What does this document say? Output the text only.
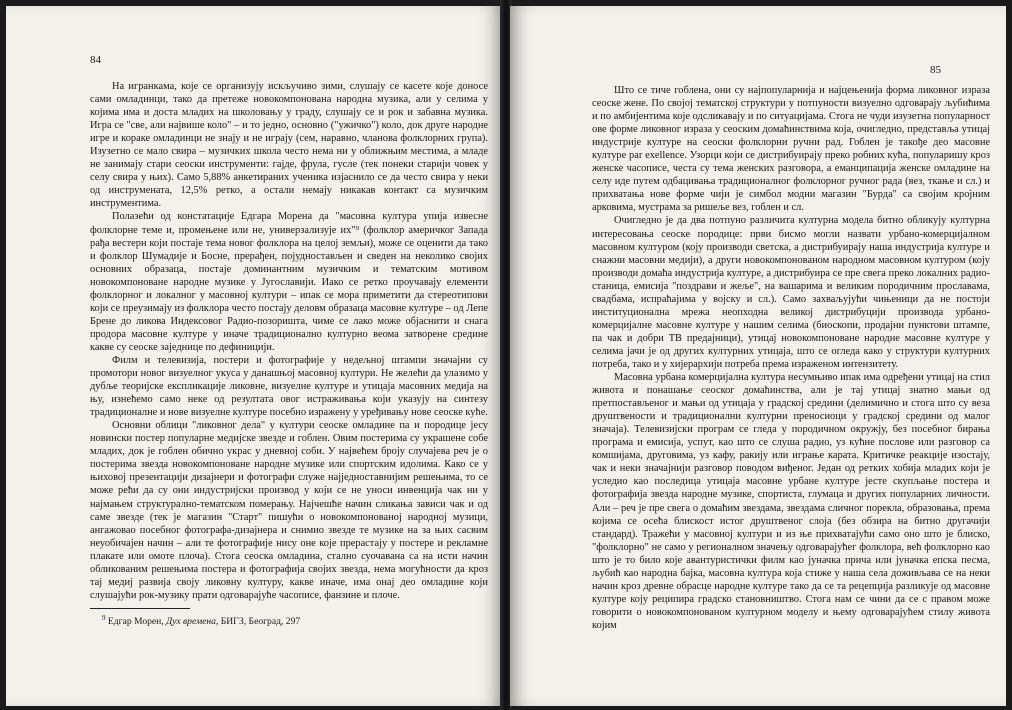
84

На игранкама, које се организују искључиво зими, слушају се касете које доносе сами омладинци, тако да претеже новокомпонована народна музика, али у селима у којима има и доста младих на школовању у граду, слушају се и рок и забавна музика. Игра се "све, али највише коло" – и то једно, основно ("ужичко") коло, док друге народне игре и кораке омладинци не знају и не играју (сем, наравно, чланова фолклорних група). Изузетно се мало свира – музичких школа често нема ни у оближњим местима, а младе не занимају стари сеоски инструменти: гајде, фрула, гусле (тек понеки старији човек у селу свира у њих). Само 5,88% анкетираних ученика изјаснило се да често свира у неки од инструмената, 12,5% ретко, а остали немају никакав контакт са музичким инструментима.

Полазећи од констатације Едгара Морена да "масовна култура упија извесне фолклорне теме и, промењене или не, универзализује их"⁹ (фолклор америчког Запада рађа вестерн који постаје тема новог фолклора на целој земљи), може се оценити да тако и фолклор Шумадије и Босне, прерађен, појудностављен и сведен на неколико својих основних образаца, постаје доминантним музичким и тематским мотивом новокомпоноване народне музике у Југославији. Иако се ретко проучавају елементи фолклорног и локалног у масовној култури – ипак се мора приметити да стереотипови који се преузимају из фолклора често постају деловм образаца масовне културе – од Лепе Брене до ликова Индексовог Радио-позоришта, чиме се лако може објаснити и снага продора масовне културе у иначе традиционално културно веома затворене средине какве су сеоске заједнице по дефиницији.

Филм и телевизија, постери и фотографије у недељној штампи значајни су промотори новог визуелног укуса у данашњој масовној култури. Не желећи да улазимо у дубље теоријске експликације ликовне, визуелне културе и утицаја масовних медија на њу, изнећемо само неке од резултата овог истраживања који указују на синтезу традиционалне и нове визуелне културе посебно изражену у уређивању нове сеоске куће.

Основни облици "ликовног дела" у култури сеоске омладине па и породице јесу новински постер популарне медијске звезде и гоблен. Овим постерима су украшене собе младих, док је гоблен обично украс у дневној соби. У највећем броју случајева реч је о постерима звезда новокомпоноване народне музике или спортским идолима. Како се у њиховој презентацији дизајнери и фотографи служе најједноставнијим решењима, то се може рећи да су они индустријски производ у који се не уноси инвенција чак ни у најмањем структурално-тематском померању. Најчешће начин сликања зависи чак и од саме звезде (тек је магазин "Старт" пишући о новокомпонованој народној музици, ангажовао посебног фотографа-дизајнера и снимио звезде те музике на за њих сасвим неуобичајен начин – али те фотографије нису оне које прерастају у постере и рекламне плакате или омоте плоча). Стога сеоска омладина, стално суочавана са на исти начин обликованим решењима постера и фотографија својих звезда, нема могућности да кроз тај медиј развија своју ликовну културу, какве иначе, има онај део омладине који слушајући рок-музику прати одговарајуће часописе, фанзине и плоче.

$^9$ Едгар Морен, Дух времена, БИГЗ, Београд, 297

85

Што се тиче гоблена, они су најпопуларнија и најцењенија форма ликовног израза сеоске жене. По својој тематској структури у потпуности визуелно одговарају љубићима и по амбијентима које одсликавају и по ситуацијама. Стога не чуди изузетна популарност ове форме ликовног израза у сеоским домаћинствима која, очигледно, представља утицај индустрије културе на сеоски фолклорни ручни рад. Гоблен је такође део масовне културе par exellence. Узорци који се дистрибуирају преко робних кућа, популаришу кроз женске часописе, честа су тема женских разговора, а еманципација женске омладине на селу иде путем одбацивања традиционалног фолклорног ручног рада (вез, ткање и сл.) и прихватања нове форме чији је симбол модни магазин "Бурда" са својим кројним арковима, мустрама за ришеље вез, гоблен и сл.

Очигледно је да два потпуно различита културна модела битно обликују културна интересовања сеоске породице: први бисмо могли назвати урбано-комерцијалном масовном културом (коју производи светска, а дистрибуирају наша индустрија културе и снажни масовни медији), а други новокомпонованом народном масовном културом (коју производи домаћа индустрија културе, а дистрибуира се пре свега преко локалних радио-станица, емисија "поздрави и жеље", на вашарима и великим породичним прославама, свадбама, испраћајима у војску и сл.). Само захваљујући чињеници да не постоји институционална мрежа неопходна великој дистрибуцији производа урбано-комерцијалне масовне културе у нашим селима (биоскопи, продајни пунктови штампе, па чак и добри ТВ предајници), утицај новокомпоноване народне масовне културе у селима јачи је од других културних утицаја, што се огледа како у структури културних потреба, тако и у хијерархији потреба према израженом интензитету.

Масовна урбана комерцијална култура несумњиво ипак има одређени утицај на стил живота и понашање сеоског домаћинства, али је тај утицај знатно мањи од претпостављеног и мањи од утицаја у градској средини (делимично и стога што су веза друштвености и традиционални културни преносиоци у градској средини од малог значаја). Телевизијски програм се гледа у породичном окружју, без посебног бирања програма и емисија, успут, као што се слуша радио, уз кућне послове или разговор са комшијама, друговима, уз кафу, ракију или играње карата. Критичке реакције изостају, чак и неки значајнији разговор поводом виђеног. Један од ретких хобија младих који је уследио као последица утицаја масовне урбане културе јесте скупљање постера и фотографија звезда народне музике, спортиста, глумаца и других популарних личности. Али – реч је пре свега о домаћим звездама, звездама сличног порекла, образовања, према којима се осећа блискост истог друштвеног слоја (без обзира на битно другачији стандард). Тражећи у масовној култури и из ње прихватајући само оно што је блиско, "фолклорно" не само у регионалном значењу одговарајућег фолклора, већ фолклорно као што је то било које авантуристички филм као јуначка прича или јуначка епска песма, љубић као народна бајка, масовна култура која стиже у наша села доживљава се на неки начин кроз древне обрасце народне културе тако да се та рецепција разликује од масовне културе коју реципира градско становништво. Стога нам се чини да се с правом може говорити о новокомпонованом културном моделу и њему одговарајућем стилу живота којим
